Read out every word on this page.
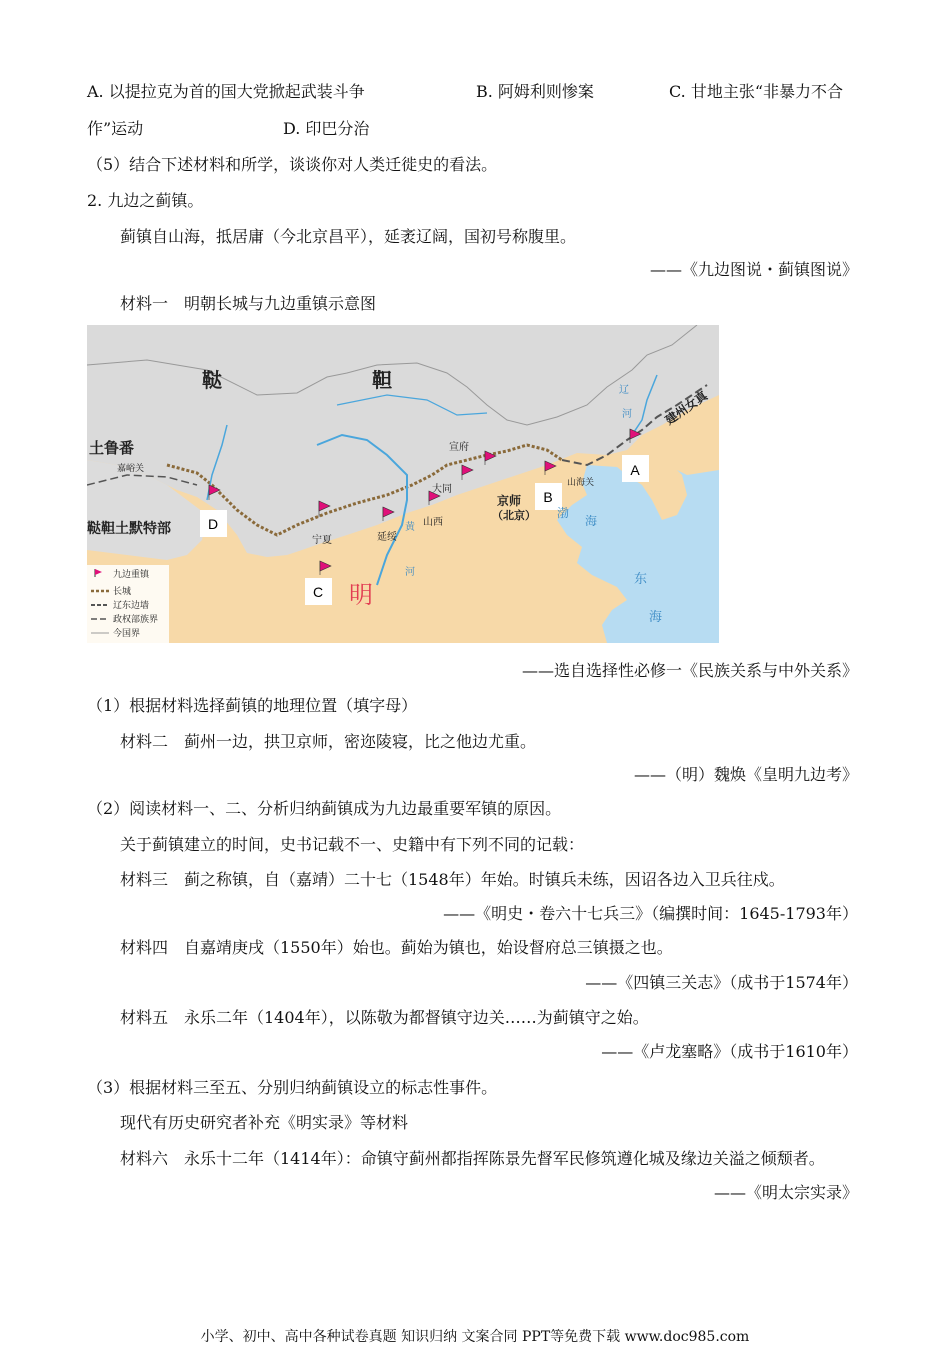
A. 以提拉克为首的国大党掀起武装斗争	B. 阿姆利则惨案	C. 甘地主张“非暴力不合
作”运动	D. 印巴分治
（5）结合下述材料和所学，谈谈你对人类迁徙史的看法。
2. 九边之蓟镇。
蓟镇自山海，抵居庸（今北京昌平），延袤辽阔，国初号称腹里。
——《九边图说・蓟镇图说》
材料一　明朝长城与九边重镇示意图
A
B
C
D
鞑	靼
土鲁番
嘉峪关
鞑靼土默特部
宁夏	延绥
山西
大同
宣府
京师
（北京）
山海关
建州女真
辽
河
黄
河
渤
海
东
海
明
九边重镇
长城
辽东边墙
政权部族界
今国界
——选自选择性必修一《民族关系与中外关系》
（1）根据材料选择蓟镇的地理位置（填字母）
材料二　蓟州一边，拱卫京师，密迩陵寝，比之他边尤重。
——（明）魏焕《皇明九边考》
（2）阅读材料一、二、分析归纳蓟镇成为九边最重要军镇的原因。
关于蓟镇建立的时间，史书记载不一、史籍中有下列不同的记载：
材料三　蓟之称镇，自（嘉靖）二十七（1548年）年始。时镇兵未练，因诏各边入卫兵往戍。
——《明史・卷六十七兵三》（编撰时间：1645-1793年）
材料四　自嘉靖庚戌（1550年）始也。蓟始为镇也，始设督府总三镇摄之也。
——《四镇三关志》（成书于1574年）
材料五　永乐二年（1404年），以陈敬为都督镇守边关……为蓟镇守之始。
——《卢龙塞略》（成书于1610年）
（3）根据材料三至五、分别归纳蓟镇设立的标志性事件。
现代有历史研究者补充《明实录》等材料
材料六　永乐十二年（1414年）：命镇守蓟州都指挥陈景先督军民修筑遵化城及缘边关溢之倾颓者。
——《明太宗实录》
小学、初中、高中各种试卷真题 知识归纳 文案合同 PPT等免费下载 www.doc985.com
